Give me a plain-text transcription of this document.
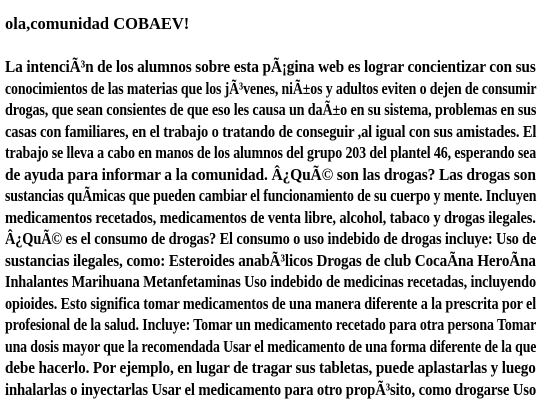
ola,comunidad COBAEV!

La intenciÃ³n de los alumnos sobre esta pÃ¡gina web es lograr concientizar con sus
conocimientos de las materias que los jÃ³venes, niÃ±os y adultos eviten o dejen de consumir
drogas, que sean consientes de que eso les causa un daÃ±o en su sistema, problemas en sus
casas con familiares, en el trabajo o tratando de conseguir ,al igual con sus amistades. El
trabajo se lleva a cabo en manos de los alumnos del grupo 203 del plantel 46, esperando sea
de ayuda para informar a la comunidad. Â¿QuÃ© son las drogas? Las drogas son
sustancias quÃmicas que pueden cambiar el funcionamiento de su cuerpo y mente. Incluyen
medicamentos recetados, medicamentos de venta libre, alcohol, tabaco y drogas ilegales.
Â¿QuÃ© es el consumo de drogas? El consumo o uso indebido de drogas incluye: Uso de
sustancias ilegales, como: Esteroides anabÃ³licos Drogas de club CocaÃna HeroÃna
Inhalantes Marihuana Metanfetaminas Uso indebido de medicinas recetadas, incluyendo
opioides. Esto significa tomar medicamentos de una manera diferente a la prescrita por el
profesional de la salud. Incluye: Tomar un medicamento recetado para otra persona Tomar
una dosis mayor que la recomendada Usar el medicamento de una forma diferente de la que
debe hacerlo. Por ejemplo, en lugar de tragar sus tabletas, puede aplastarlas y luego
inhalarlas o inyectarlas Usar el medicamento para otro propÃ³sito, como drogarse Uso
